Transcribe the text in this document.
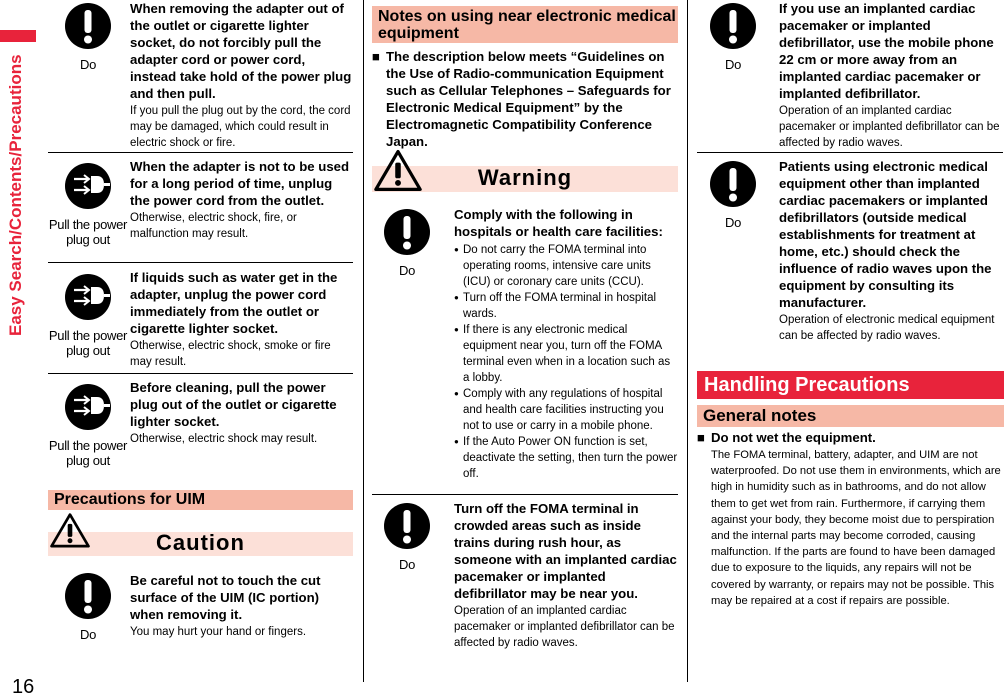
Easy Search/Contents/Precautions
16
Do
When removing the adapter out of the outlet or cigarette lighter socket, do not forcibly pull the adapter cord or power cord, instead take hold of the power plug and then pull.
If you pull the plug out by the cord, the cord may be damaged, which could result in electric shock or fire.
Pull the power plug out
When the adapter is not to be used for a long period of time, unplug the power cord from the outlet.
Otherwise, electric shock, fire, or malfunction may result.
Pull the power plug out
If liquids such as water get in the adapter, unplug the power cord immediately from the outlet or cigarette lighter socket.
Otherwise, electric shock, smoke or fire may result.
Pull the power plug out
Before cleaning, pull the power plug out of the outlet or cigarette lighter socket.
Otherwise, electric shock may result.
Precautions for UIM
Caution
Do
Be careful not to touch the cut surface of the UIM (IC portion) when removing it.
You may hurt your hand or fingers.
Notes on using near electronic medical equipment
■
The description below meets “Guidelines on the Use of Radio-communication Equipment such as Cellular Telephones – Safeguards for Electronic Medical Equipment” by the Electromagnetic Compatibility Conference Japan.
Warning
Do
Comply with the following in hospitals or health care facilities:
● Do not carry the FOMA terminal into operating rooms, intensive care units (ICU) or coronary care units (CCU).
● Turn off the FOMA terminal in hospital wards.
● If there is any electronic medical equipment near you, turn off the FOMA terminal even when in a location such as a lobby.
● Comply with any regulations of hospital and health care facilities instructing you not to use or carry in a mobile phone.
● If the Auto Power ON function is set, deactivate the setting, then turn the power off.
Do
Turn off the FOMA terminal in crowded areas such as inside trains during rush hour, as someone with an implanted cardiac pacemaker or implanted defibrillator may be near you.
Operation of an implanted cardiac pacemaker or implanted defibrillator can be affected by radio waves.
Do
If you use an implanted cardiac pacemaker or implanted defibrillator, use the mobile phone 22 cm or more away from an implanted cardiac pacemaker or implanted defibrillator.
Operation of an implanted cardiac pacemaker or implanted defibrillator can be affected by radio waves.
Do
Patients using electronic medical equipment other than implanted cardiac pacemakers or implanted defibrillators (outside medical establishments for treatment at home, etc.) should check the influence of radio waves upon the equipment by consulting its manufacturer.
Operation of electronic medical equipment can be affected by radio waves.
Handling Precautions
General notes
■
Do not wet the equipment.
The FOMA terminal, battery, adapter, and UIM are not waterproofed. Do not use them in environments, which are high in humidity such as in bathrooms, and do not allow them to get wet from rain. Furthermore, if carrying them against your body, they become moist due to perspiration and the internal parts may become corroded, causing malfunction. If the parts are found to have been damaged due to exposure to the liquids, any repairs will not be covered by warranty, or repairs may not be possible. This may be repaired at a cost if repairs are possible.
